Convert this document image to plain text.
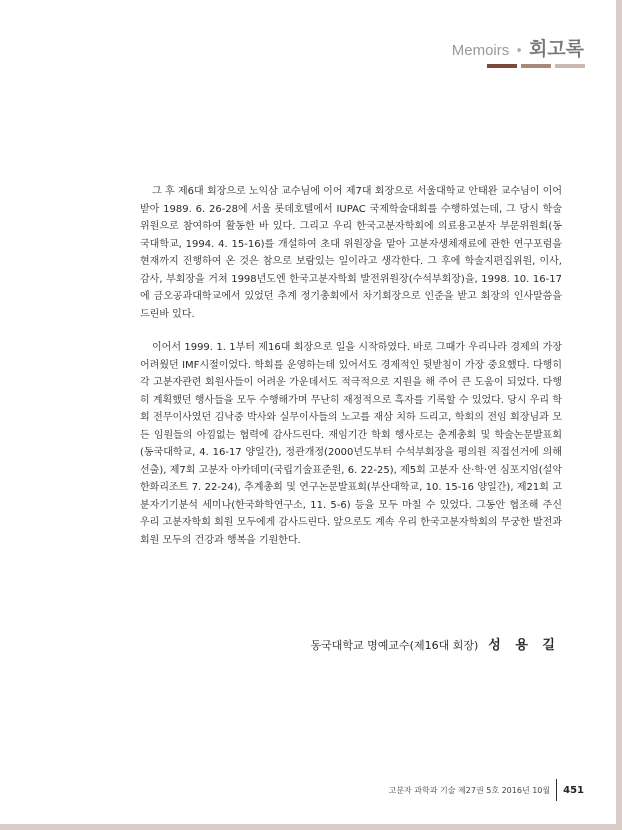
Memoirs • 회고록

그 후 제6대 회장으로 노익삼 교수님에 이어 제7대 회장으로 서울대학교 안태완 교수님이 이어받아 1989. 6. 26-28에 서울 롯데호텔에서 IUPAC 국제학술대회를 수행하였는데, 그 당시 학술위원으로 참여하여 활동한 바 있다. 그리고 우리 한국고분자학회에 의료용고분자 부문위원회(동국대학교, 1994. 4. 15-16)를 개설하여 초대 위원장을 맡아 고분자생체재료에 관한 연구포럼을 현재까지 진행하여 온 것은 참으로 보람있는 일이라고 생각한다. 그 후에 학술지편집위원, 이사, 감사, 부회장을 거쳐 1998년도엔 한국고분자학회 발전위원장(수석부회장)을, 1998. 10. 16-17에 금오공과대학교에서 있었던 추계 정기총회에서 차기회장으로 인준을 받고 회장의 인사말씀을 드린바 있다.

이어서 1999. 1. 1부터 제16대 회장으로 일을 시작하였다. 바로 그때가 우리나라 경제의 가장 어려웠던 IMF시절이었다. 학회를 운영하는데 있어서도 경제적인 뒷받침이 가장 중요했다. 다행히 각 고분자관련 회원사들이 어려운 가운데서도 적극적으로 지원을 해 주어 큰 도움이 되었다. 다행히 계획했던 행사들을 모두 수행해가며 무난히 재정적으로 흑자를 기록할 수 있었다. 당시 우리 학회 전무이사였던 김낙중 박사와 실무이사들의 노고를 재삼 치하 드리고, 학회의 전임 회장님과 모든 임원들의 아낌없는 협력에 감사드린다. 재임기간 학회 행사로는 춘계총회 및 학술논문발표회(동국대학교, 4. 16-17 양일간), 정관개정(2000년도부터 수석부회장을 평의원 직접선거에 의해 선출), 제7회 고분자 아카데미(국립기술표준원, 6. 22-25), 제5회 고분자 산·학·연 심포지엄(설악 한화리조트 7. 22-24), 추계총회 및 연구논문발표회(부산대학교, 10. 15-16 양일간), 제21회 고분자기기분석 세미나(한국화학연구소, 11. 5-6) 등을 모두 마칠 수 있었다. 그동안 협조해 주신 우리 고분자학회 회원 모두에게 감사드린다. 앞으로도 계속 우리 한국고분자학회의 무궁한 발전과 회원 모두의 건강과 행복을 기원한다.

동국대학교 명예교수(제16대 회장) 성 용 길
고분자 과학과 기술 제27권 5호 2016년 10월 451
